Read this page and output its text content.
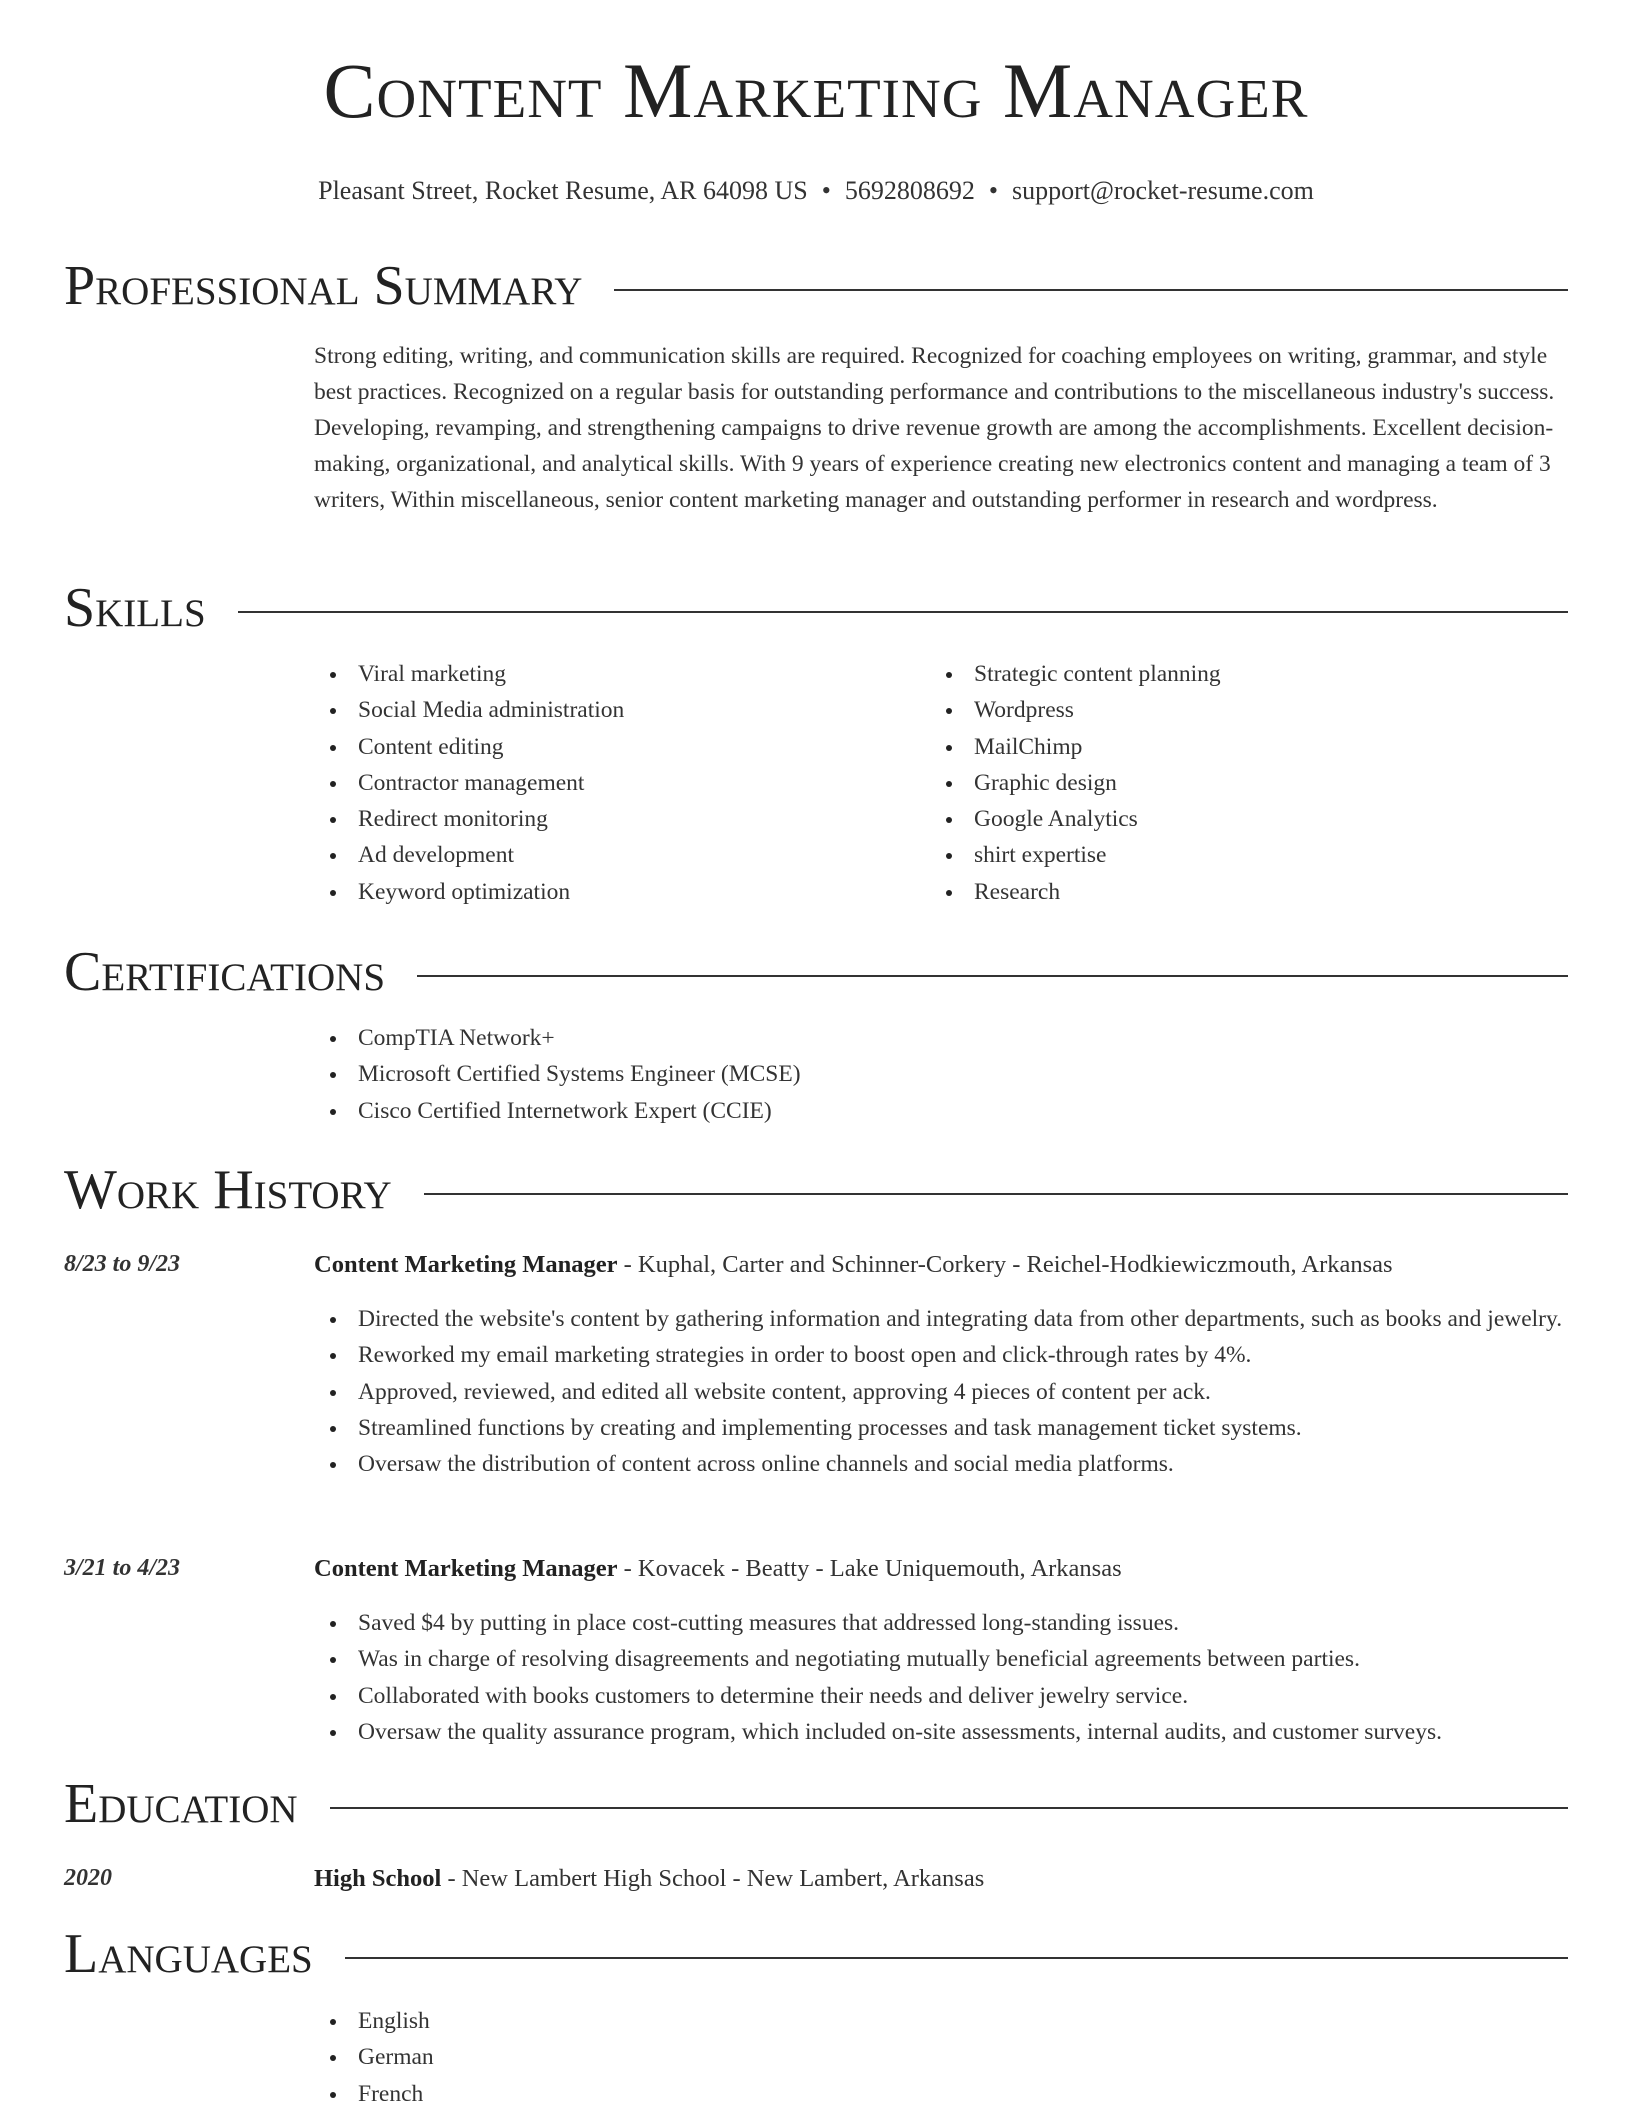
Content Marketing Manager
Pleasant Street, Rocket Resume, AR 64098 US • 5692808692 • support@rocket-resume.com
Professional Summary
Strong editing, writing, and communication skills are required. Recognized for coaching employees on writing, grammar, and style best practices. Recognized on a regular basis for outstanding performance and contributions to the miscellaneous industry's success. Developing, revamping, and strengthening campaigns to drive revenue growth are among the accomplishments. Excellent decision-making, organizational, and analytical skills. With 9 years of experience creating new electronics content and managing a team of 3 writers, Within miscellaneous, senior content marketing manager and outstanding performer in research and wordpress.
Skills
Viral marketing
Social Media administration
Content editing
Contractor management
Redirect monitoring
Ad development
Keyword optimization
Strategic content planning
Wordpress
MailChimp
Graphic design
Google Analytics
shirt expertise
Research
Certifications
CompTIA Network+
Microsoft Certified Systems Engineer (MCSE)
Cisco Certified Internetwork Expert (CCIE)
Work History
8/23 to 9/23	Content Marketing Manager - Kuphal, Carter and Schinner-Corkery - Reichel-Hodkiewiczmouth, Arkansas
Directed the website's content by gathering information and integrating data from other departments, such as books and jewelry.
Reworked my email marketing strategies in order to boost open and click-through rates by 4%.
Approved, reviewed, and edited all website content, approving 4 pieces of content per ack.
Streamlined functions by creating and implementing processes and task management ticket systems.
Oversaw the distribution of content across online channels and social media platforms.
3/21 to 4/23	Content Marketing Manager - Kovacek - Beatty - Lake Uniquemouth, Arkansas
Saved $4 by putting in place cost-cutting measures that addressed long-standing issues.
Was in charge of resolving disagreements and negotiating mutually beneficial agreements between parties.
Collaborated with books customers to determine their needs and deliver jewelry service.
Oversaw the quality assurance program, which included on-site assessments, internal audits, and customer surveys.
Education
2020	High School - New Lambert High School - New Lambert, Arkansas
Languages
English
German
French
